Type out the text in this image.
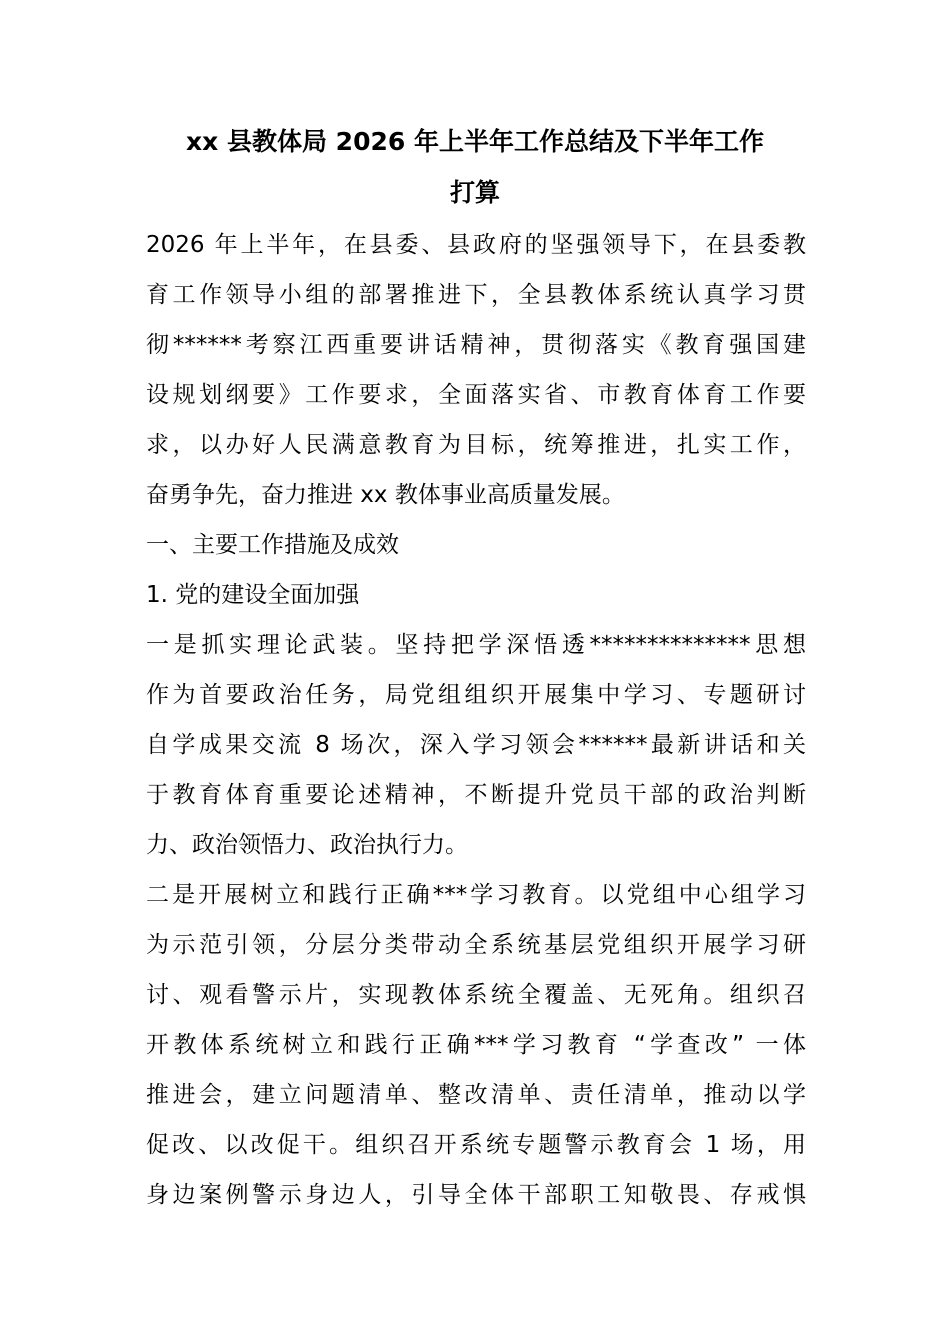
xx 县教体局 2026 年上半年工作总结及下半年工作
打算
2026 年上半年，在县委、县政府的坚强领导下，在县委教
育工作领导小组的部署推进下，全县教体系统认真学习贯
彻******考察江西重要讲话精神，贯彻落实《教育强国建
设规划纲要》工作要求，全面落实省、市教育体育工作要
求，以办好人民满意教育为目标，统筹推进，扎实工作，
奋勇争先，奋力推进 xx 教体事业高质量发展。
一、主要工作措施及成效
1. 党的建设全面加强
一是抓实理论武装。坚持把学深悟透**************思想
作为首要政治任务，局党组组织开展集中学习、专题研讨
自学成果交流 8 场次，深入学习领会******最新讲话和关
于教育体育重要论述精神，不断提升党员干部的政治判断
力、政治领悟力、政治执行力。
二是开展树立和践行正确***学习教育。以党组中心组学习
为示范引领，分层分类带动全系统基层党组织开展学习研
讨、观看警示片，实现教体系统全覆盖、无死角。组织召
开教体系统树立和践行正确***学习教育 “学查改” 一体
推进会，建立问题清单、整改清单、责任清单，推动以学
促改、以改促干。组织召开系统专题警示教育会 1 场，用
身边案例警示身边人，引导全体干部职工知敬畏、存戒惧
